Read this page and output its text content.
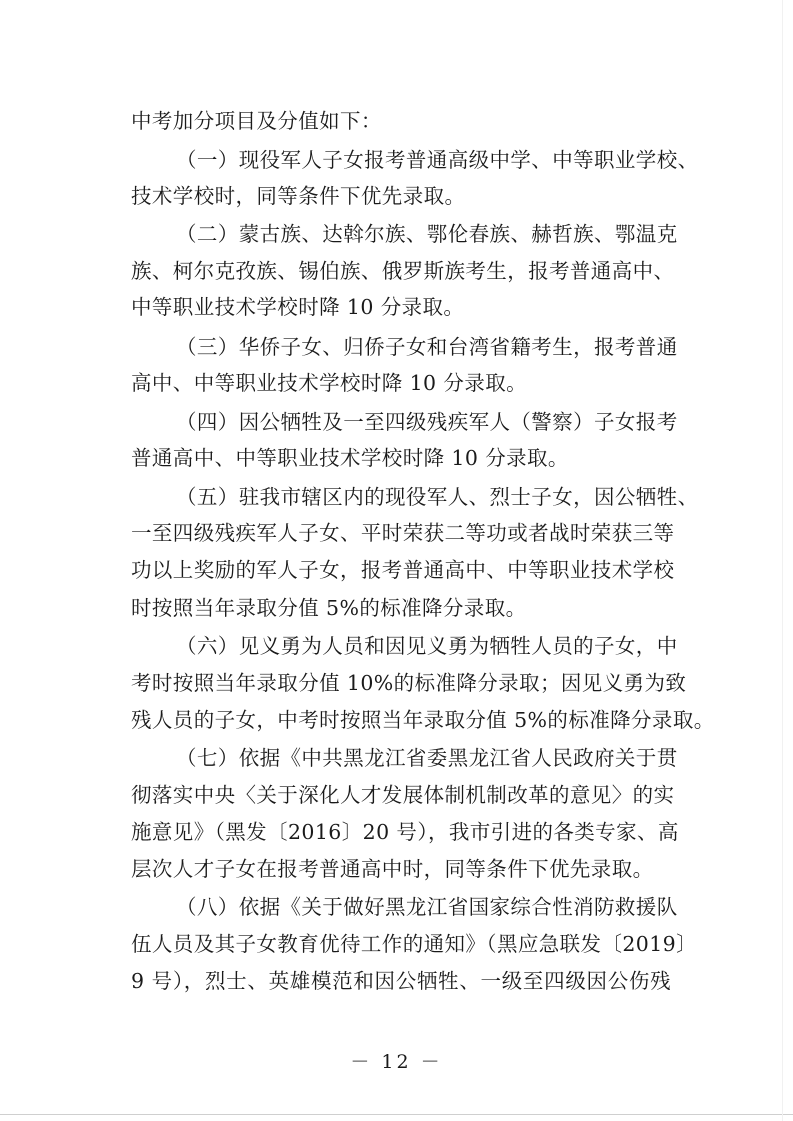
中考加分项目及分值如下：
（一）现役军人子女报考普通高级中学、中等职业学校、
技术学校时，同等条件下优先录取。
（二）蒙古族、达斡尔族、鄂伦春族、赫哲族、鄂温克
族、柯尔克孜族、锡伯族、俄罗斯族考生，报考普通高中、
中等职业技术学校时降 10 分录取。
（三）华侨子女、归侨子女和台湾省籍考生，报考普通
高中、中等职业技术学校时降 10 分录取。
（四）因公牺牲及一至四级残疾军人（警察）子女报考
普通高中、中等职业技术学校时降 10 分录取。
（五）驻我市辖区内的现役军人、烈士子女，因公牺牲、
一至四级残疾军人子女、平时荣获二等功或者战时荣获三等
功以上奖励的军人子女，报考普通高中、中等职业技术学校
时按照当年录取分值 5%的标准降分录取。
（六）见义勇为人员和因见义勇为牺牲人员的子女，中
考时按照当年录取分值 10%的标准降分录取；因见义勇为致
残人员的子女，中考时按照当年录取分值 5%的标准降分录取。
（七）依据《中共黑龙江省委黑龙江省人民政府关于贯
彻落实中央〈关于深化人才发展体制机制改革的意见〉的实
施意见》（黑发〔2016〕20 号），我市引进的各类专家、高
层次人才子女在报考普通高中时，同等条件下优先录取。
（八）依据《关于做好黑龙江省国家综合性消防救援队
伍人员及其子女教育优待工作的通知》（黑应急联发〔2019〕
9 号），烈士、英雄模范和因公牺牲、一级至四级因公伤残
－ 12 －
